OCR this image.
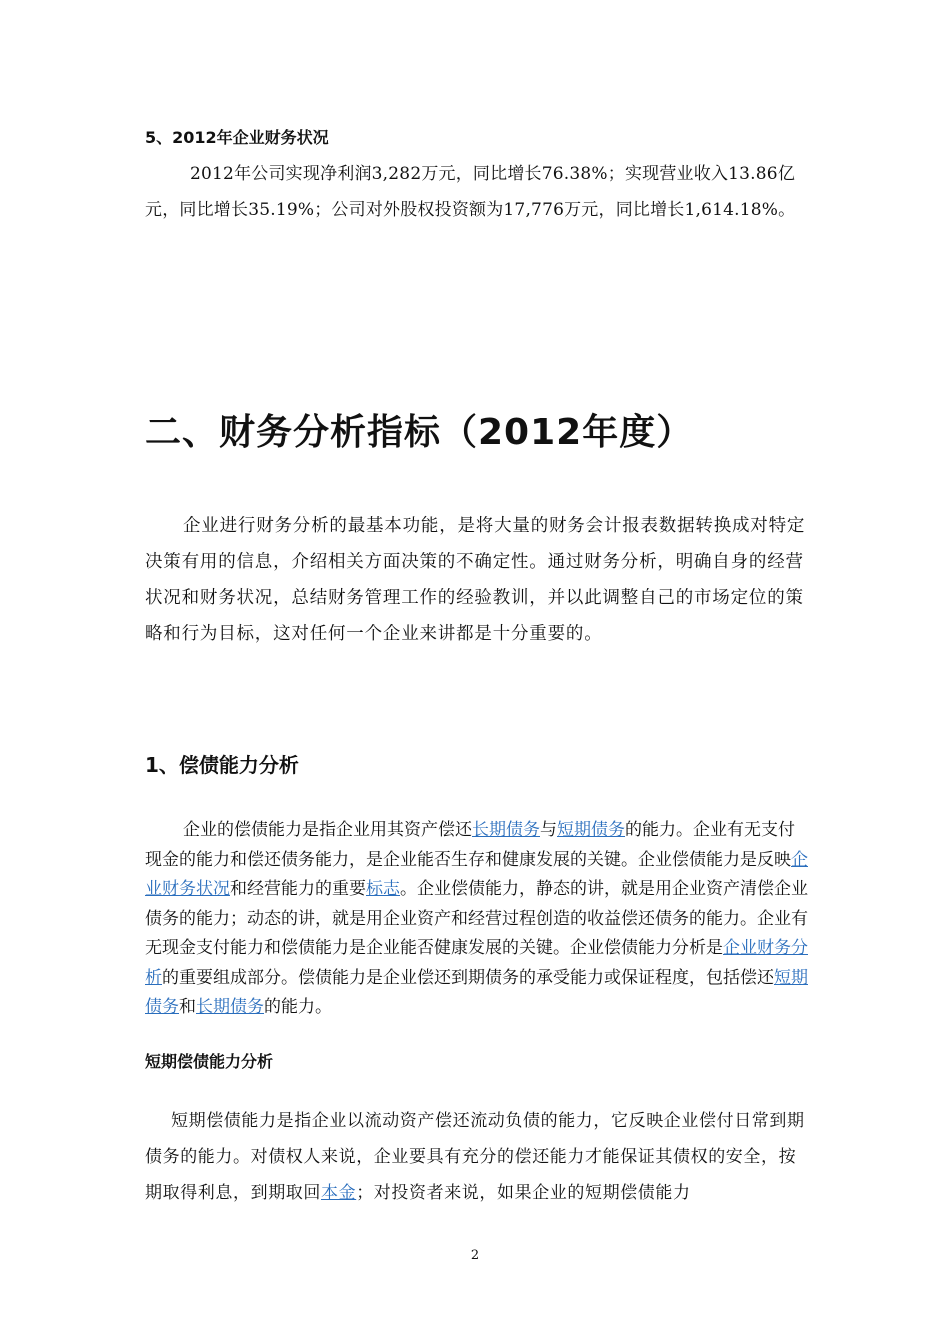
5、2012年企业财务状况
2012年公司实现净利润3,282万元，同比增长76.38%；实现营业收入13.86亿元，同比增长35.19%；公司对外股权投资额为17,776万元，同比增长1,614.18%。
二、财务分析指标（2012年度）
企业进行财务分析的最基本功能，是将大量的财务会计报表数据转换成对特定决策有用的信息，介绍相关方面决策的不确定性。通过财务分析，明确自身的经营状况和财务状况，总结财务管理工作的经验教训，并以此调整自己的市场定位的策略和行为目标，这对任何一个企业来讲都是十分重要的。
1、偿债能力分析
企业的偿债能力是指企业用其资产偿还长期债务与短期债务的能力。企业有无支付现金的能力和偿还债务能力，是企业能否生存和健康发展的关键。企业偿债能力是反映企业财务状况和经营能力的重要标志。企业偿债能力，静态的讲，就是用企业资产清偿企业债务的能力；动态的讲，就是用企业资产和经营过程创造的收益偿还债务的能力。企业有无现金支付能力和偿债能力是企业能否健康发展的关键。企业偿债能力分析是企业财务分析的重要组成部分。偿债能力是企业偿还到期债务的承受能力或保证程度，包括偿还短期债务和长期债务的能力。
短期偿债能力分析
短期偿债能力是指企业以流动资产偿还流动负债的能力，它反映企业偿付日常到期债务的能力。对债权人来说，企业要具有充分的偿还能力才能保证其债权的安全，按期取得利息，到期取回本金；对投资者来说，如果企业的短期偿债能力
2
